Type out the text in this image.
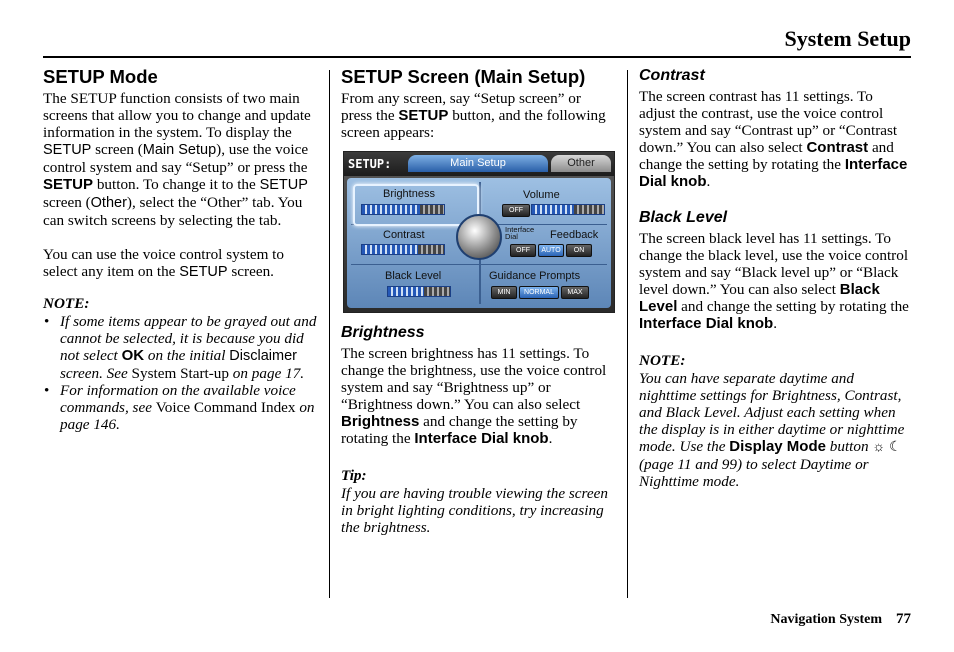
System Setup
SETUP Mode

The SETUP function consists of two main screens that allow you to change and update information in the system. To display the SETUP screen (Main Setup), use the voice control system and say “Setup” or press the SETUP button. To change it to the SETUP screen (Other), select the “Other” tab. You can switch screens by selecting the tab.

You can use the voice control system to select any item on the SETUP screen.

NOTE:

• If some items appear to be grayed out and cannot be selected, it is because you did not select OK on the initial Disclaimer screen. See System Start-up on page 17.
• For information on the available voice commands, see Voice Command Index on page 146.
SETUP Screen (Main Setup)

From any screen, say “Setup screen” or press the SETUP button, and the following screen appears:

SETUP:	Main Setup	Other
Brightness	Volume
OFF
Contrast	Interface Dial	Feedback
OFF	AUTO	ON
Black Level	Guidance Prompts
MIN	NORMAL	MAX
Brightness

The screen brightness has 11 settings. To change the brightness, use the voice control system and say “Brightness up” or “Brightness down.” You can also select Brightness and change the setting by rotating the Interface Dial knob.

Tip:

If you are having trouble viewing the screen in bright lighting conditions, try increasing the brightness.

Contrast

The screen contrast has 11 settings. To adjust the contrast, use the voice control system and say “Contrast up” or “Contrast down.” You can also select Contrast and change the setting by rotating the Interface Dial knob.

Black Level

The screen black level has 11 settings. To change the black level, use the voice control system and say “Black level up” or “Black level down.” You can also select Black Level and change the setting by rotating the Interface Dial knob.

NOTE:

You can have separate daytime and nighttime settings for Brightness, Contrast, and Black Level. Adjust each setting when the display is in either daytime or nighttime mode. Use the Display Mode button ☼ ☾ (page 11 and 99) to select Daytime or Nighttime mode.

Navigation System 77
